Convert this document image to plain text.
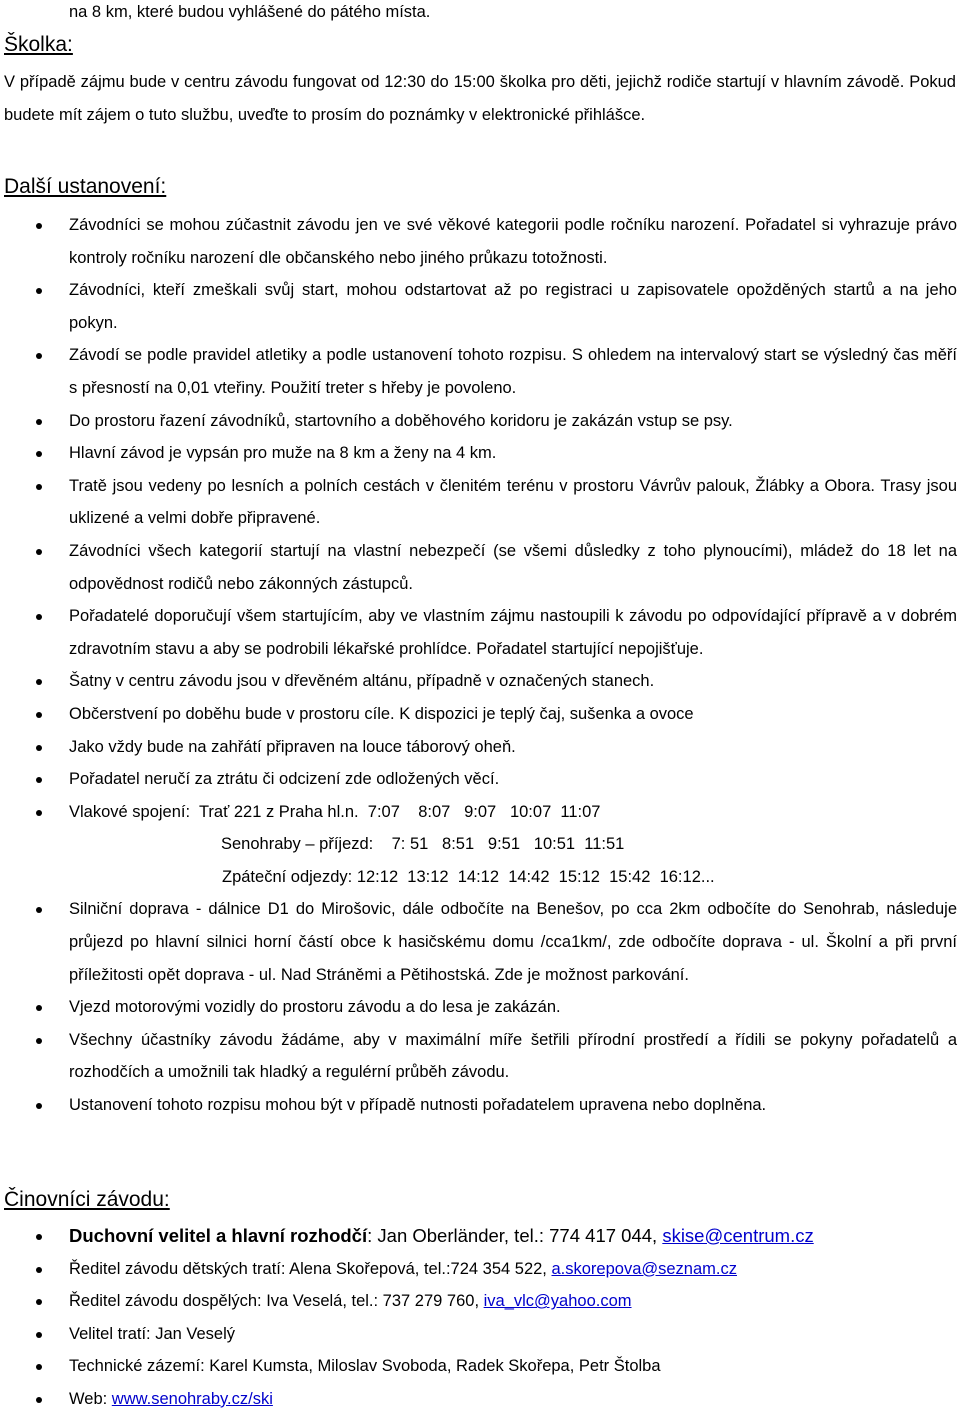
na 8 km, které budou vyhlášené do pátého místa.
Školka:
V případě zájmu bude v centru závodu fungovat od 12:30 do 15:00 školka pro děti, jejichž rodiče startují v hlavním závodě. Pokud budete mít zájem o tuto službu, uveďte to prosím do poznámky v elektronické přihlášce.
Další ustanovení:
Závodníci se mohou zúčastnit závodu jen ve své věkové kategorii podle ročníku narození. Pořadatel si vyhrazuje právo kontroly ročníku narození dle občanského nebo jiného průkazu totožnosti.
Závodníci, kteří zmeškali svůj start, mohou odstartovat až po registraci u zapisovatele opožděných startů a na jeho pokyn.
Závodí se podle pravidel atletiky a podle ustanovení tohoto rozpisu. S ohledem na intervalový start se výsledný čas měří s přesností na 0,01 vteřiny. Použití treter s hřeby je povoleno.
Do prostoru řazení závodníků, startovního a doběhového koridoru je zakázán vstup se psy.
Hlavní závod je vypsán pro muže na 8 km a ženy na 4 km.
Tratě jsou vedeny po lesních a polních cestách v členitém terénu v prostoru Vávrův palouk, Žlábky a Obora. Trasy jsou uklizené a velmi dobře připravené.
Závodníci všech kategorií startují na vlastní nebezpečí (se všemi důsledky z toho plynoucími), mládež do 18 let na odpovědnost rodičů nebo zákonných zástupců.
Pořadatelé doporučují všem startujícím, aby ve vlastním zájmu nastoupili k závodu po odpovídající přípravě a v dobrém zdravotním stavu a aby se podrobili lékařské prohlídce. Pořadatel startující nepojišťuje.
Šatny v centru závodu jsou v dřevěném altánu, případně v označených stanech.
Občerstvení po doběhu bude v prostoru cíle. K dispozici je teplý čaj, sušenka a ovoce
Jako vždy bude na zahřátí připraven na louce táborový oheň.
Pořadatel neručí za ztrátu či odcizení zde odložených věcí.
Vlakové spojení:  Trať 221 z Praha hl.n.  7:07    8:07   9:07   10:07  11:07
Senohraby – příjezd:    7: 51   8:51   9:51   10:51  11:51
Zpáteční odjezdy: 12:12  13:12  14:12  14:42  15:12  15:42  16:12...
Silniční doprava - dálnice D1 do Mirošovic, dále odbočíte na Benešov, po cca 2km odbočíte do Senohrab, následuje průjezd po hlavní silnici horní částí obce k hasičskému domu /cca1km/, zde odbočíte doprava - ul. Školní a při první příležitosti opět doprava - ul. Nad Stráněmi a Pětihostská. Zde je možnost parkování.
Vjezd motorovými vozidly do prostoru závodu a do lesa je zakázán.
Všechny účastníky závodu žádáme, aby v maximální míře šetřili přírodní prostředí a řídili se pokyny pořadatelů a rozhodčích a umožnili tak hladký a regulérní průběh závodu.
Ustanovení tohoto rozpisu mohou být v případě nutnosti pořadatelem upravena nebo doplněna.
Činovníci závodu:
Duchovní velitel a hlavní rozhodčí: Jan Oberländer, tel.: 774 417 044, skise@centrum.cz
Ředitel závodu dětských tratí: Alena Skořepová, tel.:724 354 522, a.skorepova@seznam.cz
Ředitel závodu dospělých: Iva Veselá, tel.: 737 279 760, iva_vlc@yahoo.com
Velitel tratí: Jan Veselý
Technické zázemí: Karel Kumsta, Miloslav Svoboda, Radek Skořepa, Petr Štolba
Web: www.senohraby.cz/ski
